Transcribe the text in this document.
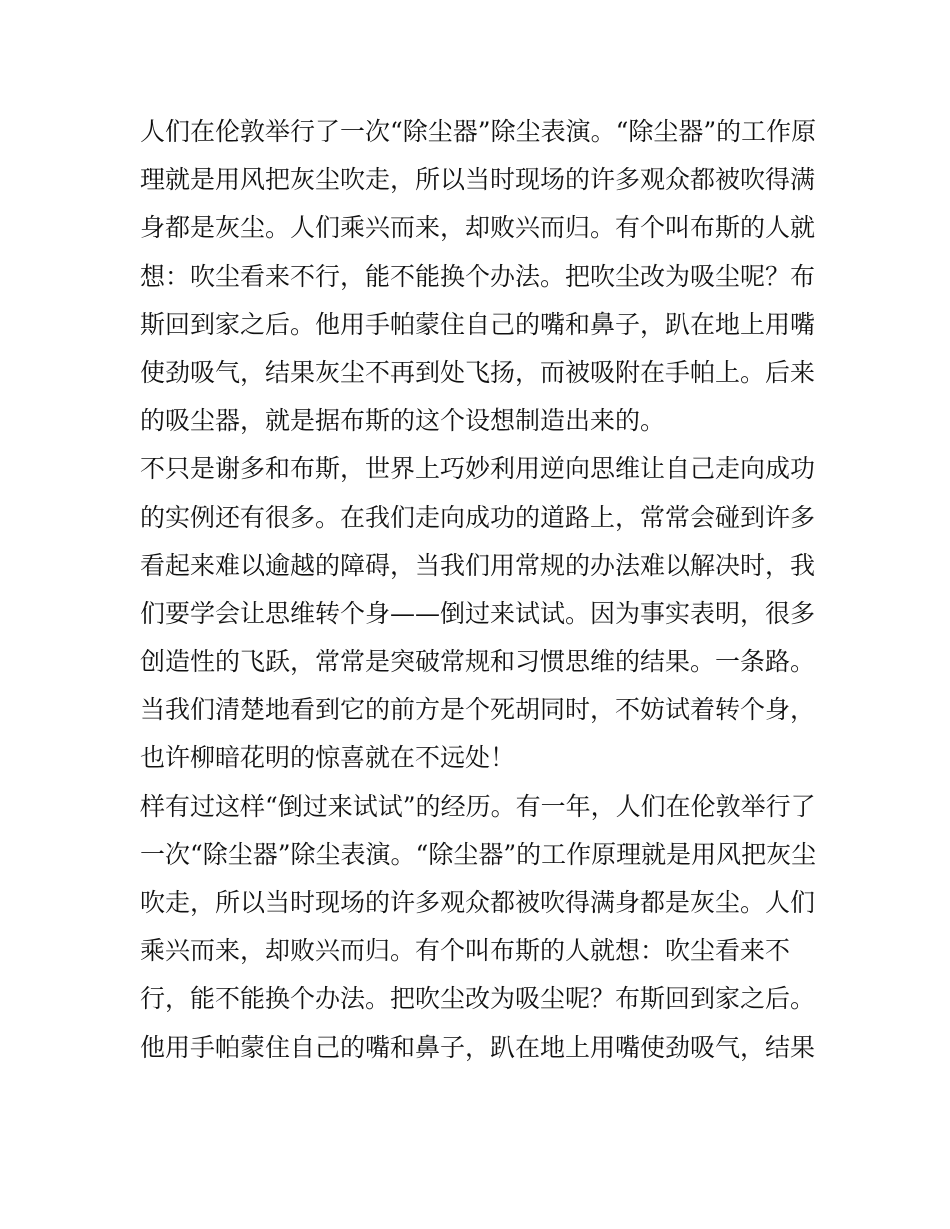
人们在伦敦举行了一次“除尘器”除尘表演。“除尘器”的工作原
理就是用风把灰尘吹走，所以当时现场的许多观众都被吹得满
身都是灰尘。人们乘兴而来，却败兴而归。有个叫布斯的人就
想：吹尘看来不行，能不能换个办法。把吹尘改为吸尘呢？布
斯回到家之后。他用手帕蒙住自己的嘴和鼻子，趴在地上用嘴
使劲吸气，结果灰尘不再到处飞扬，而被吸附在手帕上。后来
的吸尘器，就是据布斯的这个设想制造出来的。
不只是谢多和布斯，世界上巧妙利用逆向思维让自己走向成功
的实例还有很多。在我们走向成功的道路上，常常会碰到许多
看起来难以逾越的障碍，当我们用常规的办法难以解决时，我
们要学会让思维转个身——倒过来试试。因为事实表明，很多
创造性的飞跃，常常是突破常规和习惯思维的结果。一条路。
当我们清楚地看到它的前方是个死胡同时，不妨试着转个身，
也许柳暗花明的惊喜就在不远处！
样有过这样“倒过来试试”的经历。有一年，人们在伦敦举行了
一次“除尘器”除尘表演。“除尘器”的工作原理就是用风把灰尘
吹走，所以当时现场的许多观众都被吹得满身都是灰尘。人们
乘兴而来，却败兴而归。有个叫布斯的人就想：吹尘看来不
行，能不能换个办法。把吹尘改为吸尘呢？布斯回到家之后。
他用手帕蒙住自己的嘴和鼻子，趴在地上用嘴使劲吸气，结果
